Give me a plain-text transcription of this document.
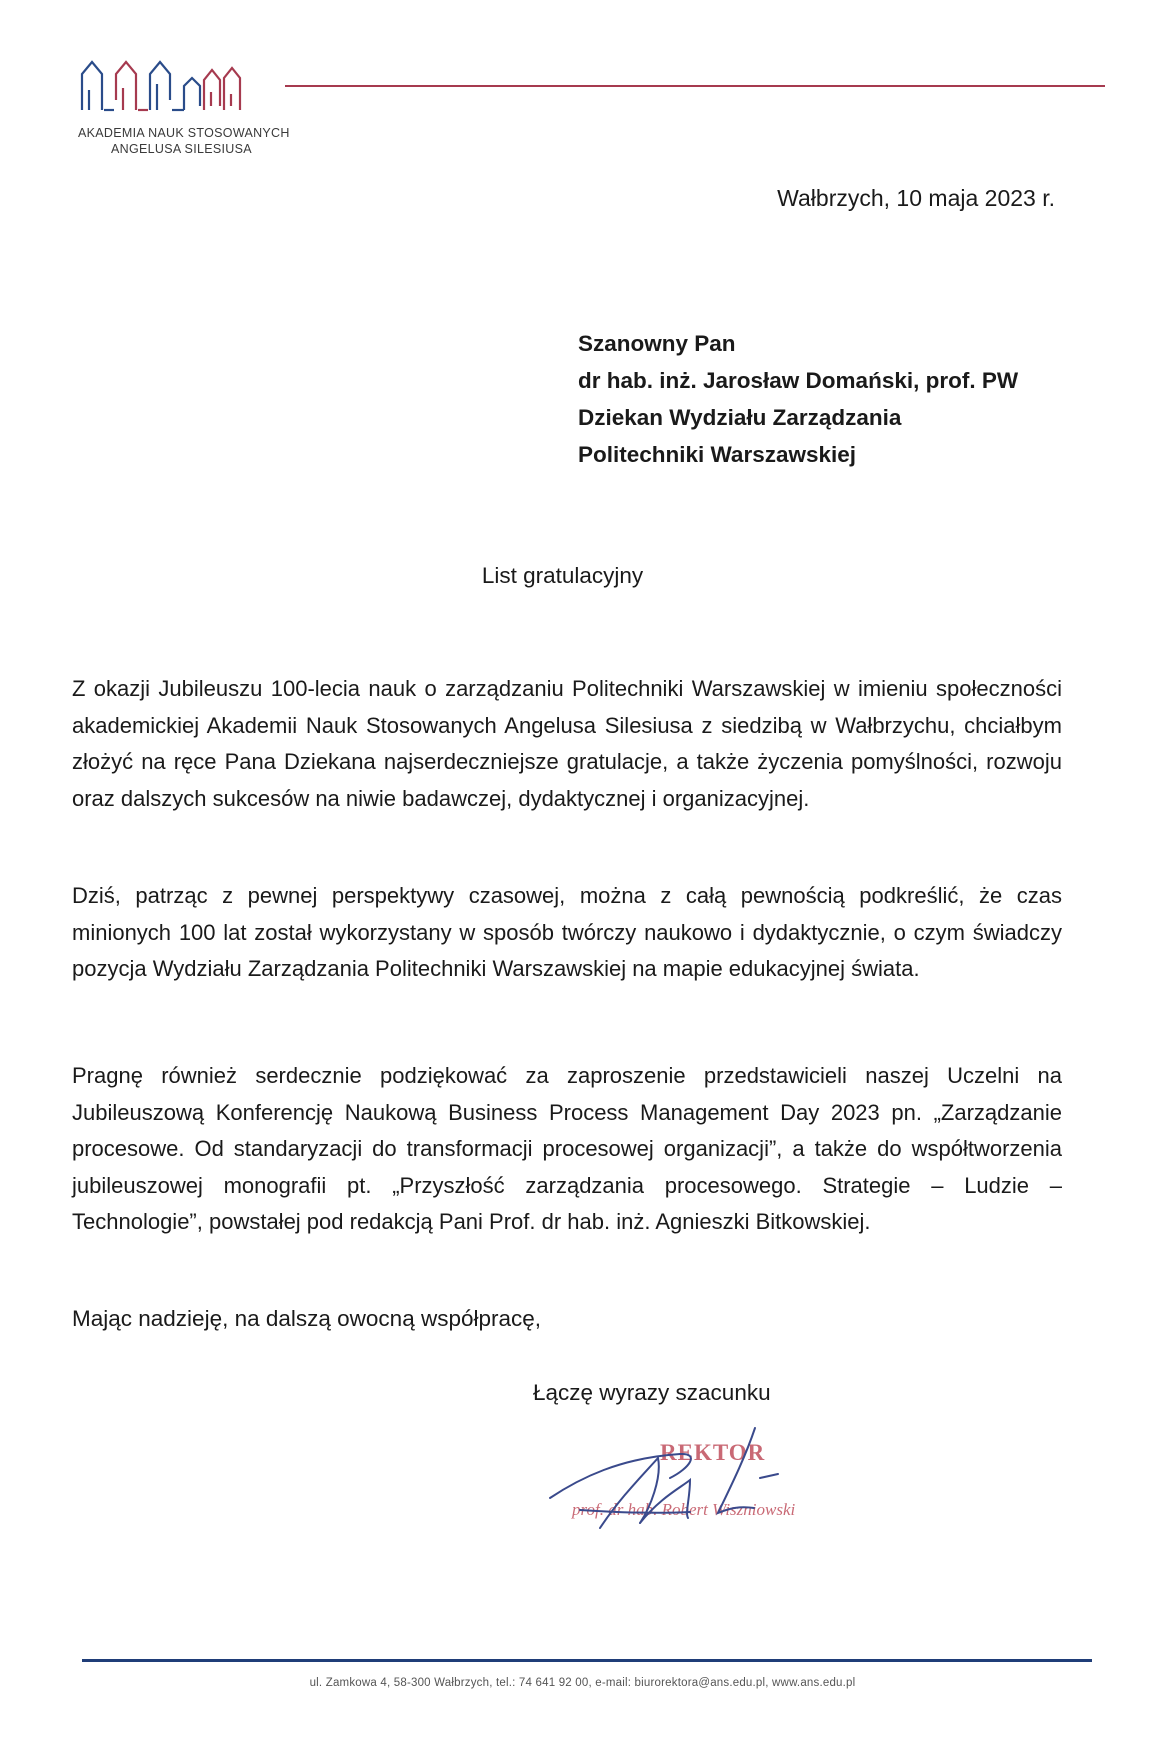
AKADEMIA NAUK STOSOWANYCH
ANGELUSA SILESIUSA
Wałbrzych, 10 maja 2023 r.
Szanowny Pan
dr hab. inż. Jarosław Domański, prof. PW
Dziekan Wydziału Zarządzania
Politechniki Warszawskiej
List gratulacyjny
Z okazji Jubileuszu 100-lecia nauk o zarządzaniu Politechniki Warszawskiej w imieniu społeczności akademickiej Akademii Nauk Stosowanych Angelusa Silesiusa z siedzibą w Wałbrzychu, chciałbym złożyć na ręce Pana Dziekana najserdeczniejsze gratulacje, a także życzenia pomyślności, rozwoju oraz dalszych sukcesów na niwie badawczej, dydaktycznej i organizacyjnej.
Dziś, patrząc z pewnej perspektywy czasowej, można z całą pewnością podkreślić, że czas minionych 100 lat został wykorzystany w sposób twórczy naukowo i dydaktycznie, o czym świadczy pozycja Wydziału Zarządzania Politechniki Warszawskiej na mapie edukacyjnej świata.
Pragnę również serdecznie podziękować za zaproszenie przedstawicieli naszej Uczelni na Jubileuszową Konferencję Naukową Business Process Management Day 2023 pn. „Zarządzanie procesowe. Od standaryzacji do transformacji procesowej organizacji”, a także do współtworzenia jubileuszowej monografii pt. „Przyszłość zarządzania procesowego. Strategie – Ludzie – Technologie”, powstałej pod redakcją Pani Prof. dr hab. inż. Agnieszki Bitkowskiej.
Mając nadzieję, na dalszą owocną współpracę,
Łączę wyrazy szacunku
REKTOR
prof. dr hab. Robert Wiszniowski
ul. Zamkowa 4, 58-300 Wałbrzych, tel.: 74 641 92 00, e-mail: biurorektora@ans.edu.pl, www.ans.edu.pl
